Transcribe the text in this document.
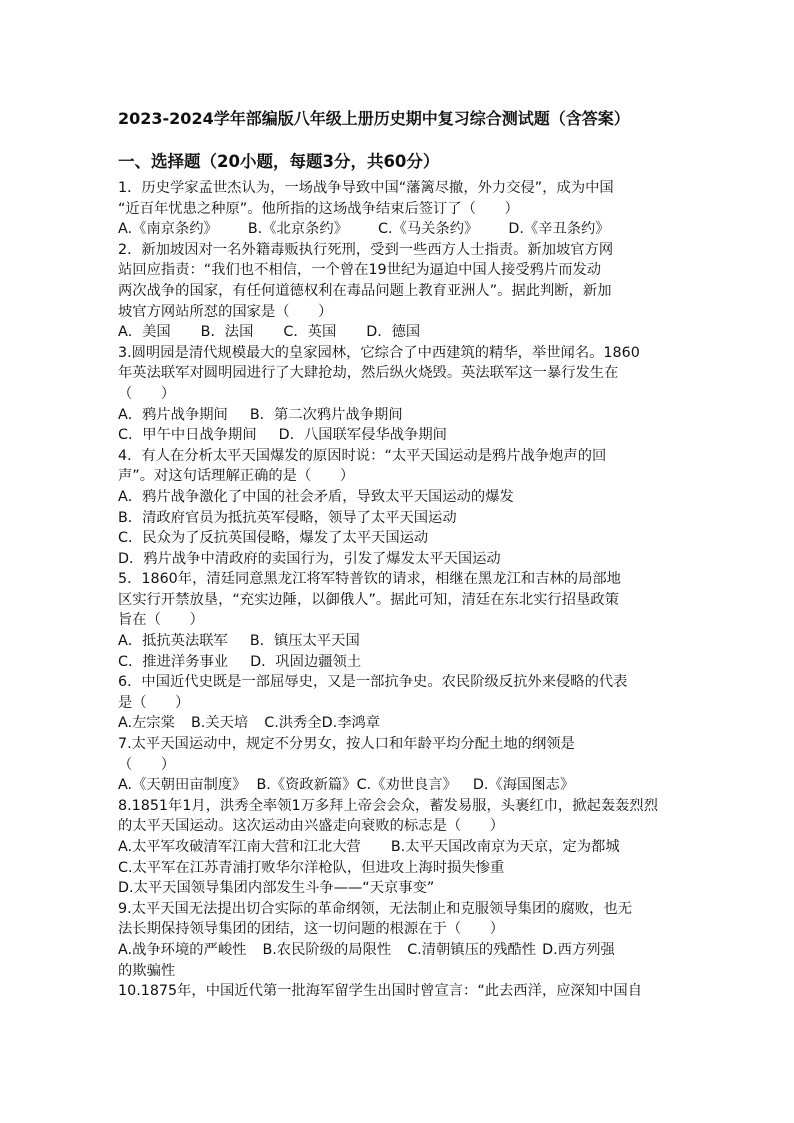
2023-2024学年部编版八年级上册历史期中复习综合测试题（含答案）
一、选择题（20小题，每题3分，共60分）
1．历史学家孟世杰认为，一场战争导致中国“藩篱尽撤，外力交侵”，成为中国
“近百年忧患之种原”。他所指的这场战争结束后签订了（　　）
A.《南京条约》 B.《北京条约》 C.《马关条约》 D.《辛丑条约》
2．新加坡因对一名外籍毒贩执行死刑，受到一些西方人士指责。新加坡官方网
站回应指责：“我们也不相信，一个曾在19世纪为逼迫中国人接受鸦片而发动
两次战争的国家，有任何道德权利在毒品问题上教育亚洲人”。据此判断，新加
坡官方网站所怼的国家是（　　）
A．美国 B．法国 C．英国 D．德国
3.圆明园是清代规模最大的皇家园林，它综合了中西建筑的精华，举世闻名。1860
年英法联军对圆明园进行了大肆抢劫，然后纵火烧毁。英法联军这一暴行发生在
（　　）
A．鸦片战争期间 B．第二次鸦片战争期间
C．甲午中日战争期间 D．八国联军侵华战争期间
4．有人在分析太平天国爆发的原因时说：“太平天国运动是鸦片战争炮声的回
声”。对这句话理解正确的是（　　）
A．鸦片战争激化了中国的社会矛盾，导致太平天国运动的爆发
B．清政府官员为抵抗英军侵略，领导了太平天国运动
C．民众为了反抗英国侵略，爆发了太平天国运动
D．鸦片战争中清政府的卖国行为，引发了爆发太平天国运动
5．1860年，清廷同意黑龙江将军特普钦的请求，相继在黑龙江和吉林的局部地
区实行开禁放垦，“充实边陲，以御俄人”。据此可知，清廷在东北实行招垦政策
旨在（　　）
A．抵抗英法联军 B．镇压太平天国
C．推进洋务事业 D．巩固边疆领土
6．中国近代史既是一部屈辱史，又是一部抗争史。农民阶级反抗外来侵略的代表
是（　　）
A.左宗棠 B.关天培 C.洪秀全 D.李鸿章
7.太平天国运动中，规定不分男女，按人口和年龄平均分配土地的纲领是
（　　）
A.《天朝田亩制度》 B.《资政新篇》 C.《劝世良言》 D.《海国图志》
8.1851年1月，洪秀全率领1万多拜上帝会会众，蓄发易服，头裹红巾，掀起轰轰烈烈
的太平天国运动。这次运动由兴盛走向衰败的标志是（　　）
A.太平军攻破清军江南大营和江北大营 B.太平天国改南京为天京，定为都城
C.太平军在江苏青浦打败华尔洋枪队，但进攻上海时损失惨重
D.太平天国领导集团内部发生斗争——“天京事变”
9.太平天国无法提出切合实际的革命纲领，无法制止和克服领导集团的腐败，也无
法长期保持领导集团的团结，这一切问题的根源在于（　　）
A.战争环境的严峻性 B.农民阶级的局限性 C.清朝镇压的残酷性 D.西方列强
的欺骗性
10.1875年，中国近代第一批海军留学生出国时曾宣言：“此去西洋，应深知中国自
